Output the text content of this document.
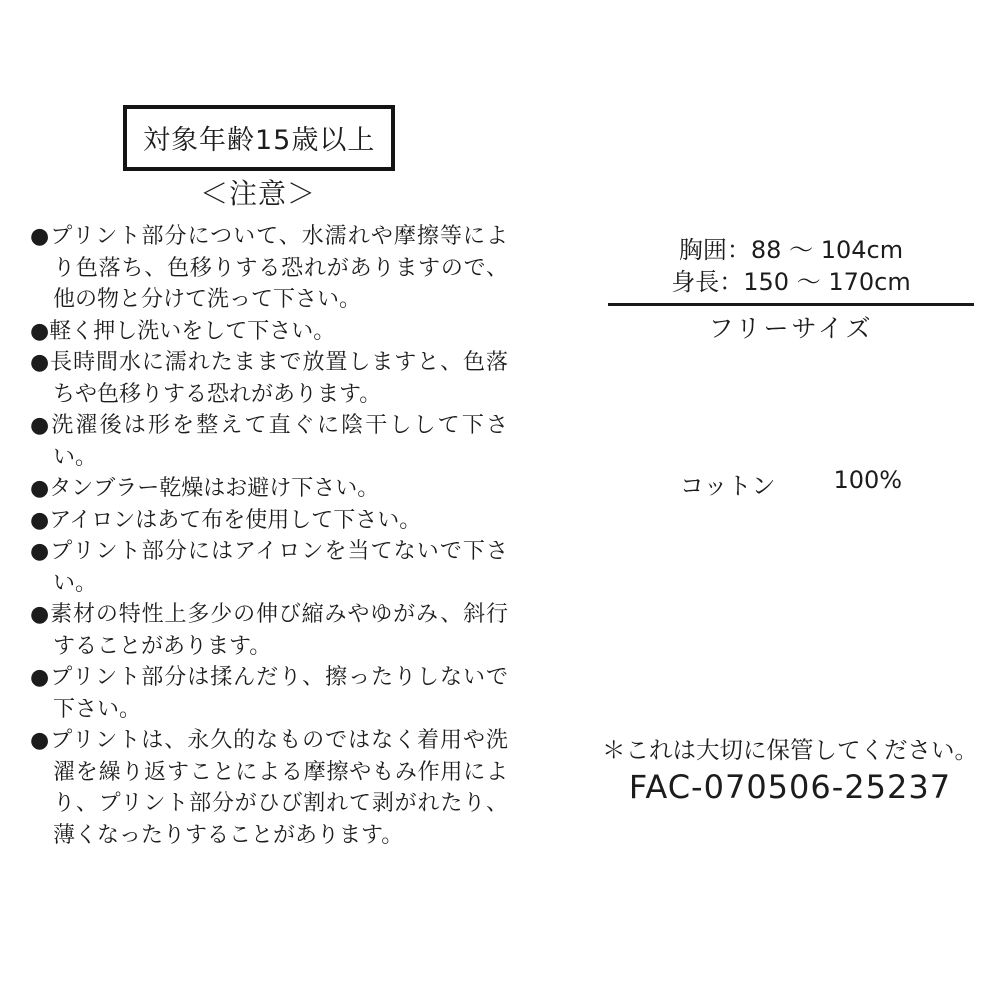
対象年齢15歳以上
＜注意＞
●プリント部分について、水濡れや摩擦等により色落ち、色移りする恐れがありますので、他の物と分けて洗って下さい。
●軽く押し洗いをして下さい。
●長時間水に濡れたままで放置しますと、色落ちや色移りする恐れがあります。
●洗濯後は形を整えて直ぐに陰干しして下さい。
●タンブラー乾燥はお避け下さい。
●アイロンはあて布を使用して下さい。
●プリント部分にはアイロンを当てないで下さい。
●素材の特性上多少の伸び縮みやゆがみ、斜行することがあります。
●プリント部分は揉んだり、擦ったりしないで下さい。
●プリントは、永久的なものではなく着用や洗濯を繰り返すことによる摩擦やもみ作用により、プリント部分がひび割れて剥がれたり、薄くなったりすることがあります。
胸囲：88 ～ 104cm
身長：150 ～ 170cm
フリーサイズ
コットン 100%
＊これは大切に保管してください。
FAC-070506-25237
